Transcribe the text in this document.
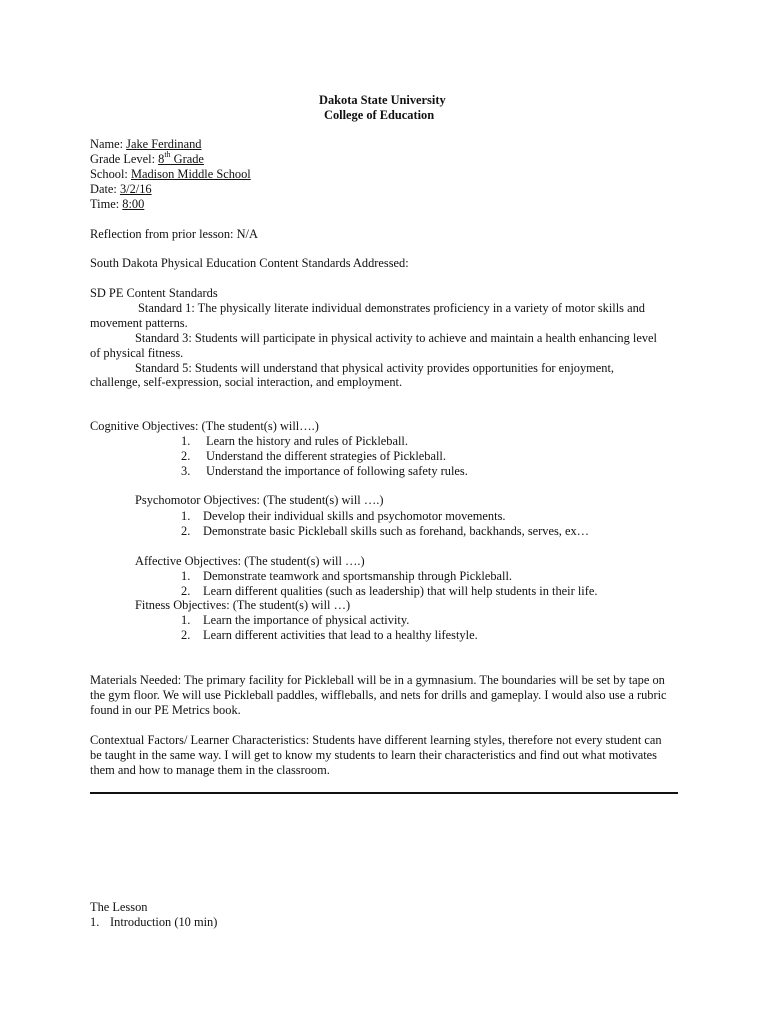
Dakota State University
College of Education
Name: Jake Ferdinand
Grade Level: 8th Grade
School: Madison Middle School
Date: 3/2/16
Time: 8:00
Reflection from prior lesson: N/A
South Dakota Physical Education Content Standards Addressed:
SD PE Content Standards
Standard 1: The physically literate individual demonstrates proficiency in a variety of motor skills and
movement patterns.
Standard 3: Students will participate in physical activity to achieve and maintain a health enhancing level
of physical fitness.
Standard 5: Students will understand that physical activity provides opportunities for enjoyment,
challenge, self-expression, social interaction, and employment.
Cognitive Objectives: (The student(s) will….)
1. Learn the history and rules of Pickleball.
2. Understand the different strategies of Pickleball.
3. Understand the importance of following safety rules.
Psychomotor Objectives: (The student(s) will ….)
1. Develop their individual skills and psychomotor movements.
2. Demonstrate basic Pickleball skills such as forehand, backhands, serves, ex…
Affective Objectives: (The student(s) will ….)
1. Demonstrate teamwork and sportsmanship through Pickleball.
2. Learn different qualities (such as leadership) that will help students in their life.
Fitness Objectives: (The student(s) will …)
1. Learn the importance of physical activity.
2. Learn different activities that lead to a healthy lifestyle.
Materials Needed: The primary facility for Pickleball will be in a gymnasium. The boundaries will be set by tape on
the gym floor. We will use Pickleball paddles, wiffleballs, and nets for drills and gameplay. I would also use a rubric
found in our PE Metrics book.
Contextual Factors/ Learner Characteristics: Students have different learning styles, therefore not every student can
be taught in the same way. I will get to know my students to learn their characteristics and find out what motivates
them and how to manage them in the classroom.
The Lesson
1. Introduction (10 min)
